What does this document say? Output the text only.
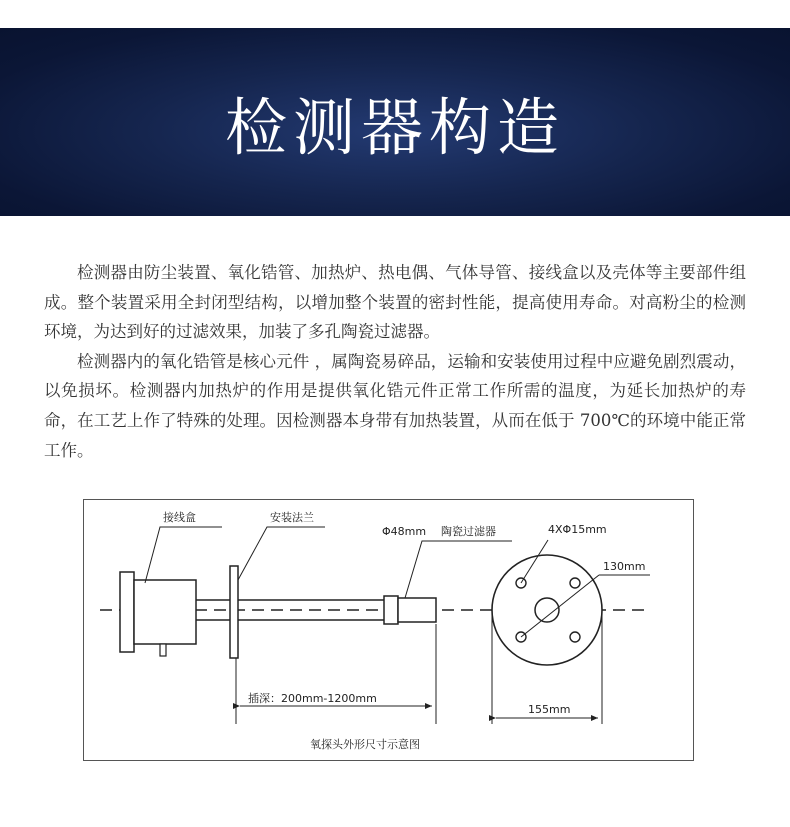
检测器构造

检测器由防尘装置、氧化锆管、加热炉、热电偶、气体导管、接线盒以及壳体等主要部件组成。整个装置采用全封闭型结构，以增加整个装置的密封性能，提高使用寿命。对高粉尘的检测环境，为达到好的过滤效果，加装了多孔陶瓷过滤器。

检测器内的氧化锆管是核心元件 ，属陶瓷易碎品，运输和安装使用过程中应避免剧烈震动，以免损坏。检测器内加热炉的作用是提供氧化锆元件正常工作所需的温度，为延长加热炉的寿命，在工艺上作了特殊的处理。因检测器本身带有加热装置，从而在低于 700℃的环境中能正常工作。

接线盒	安装法兰
Φ48mm 陶瓷过滤器	4XΦ15mm
130mm
插深：200mm-1200mm
155mm
氧探头外形尺寸示意图
